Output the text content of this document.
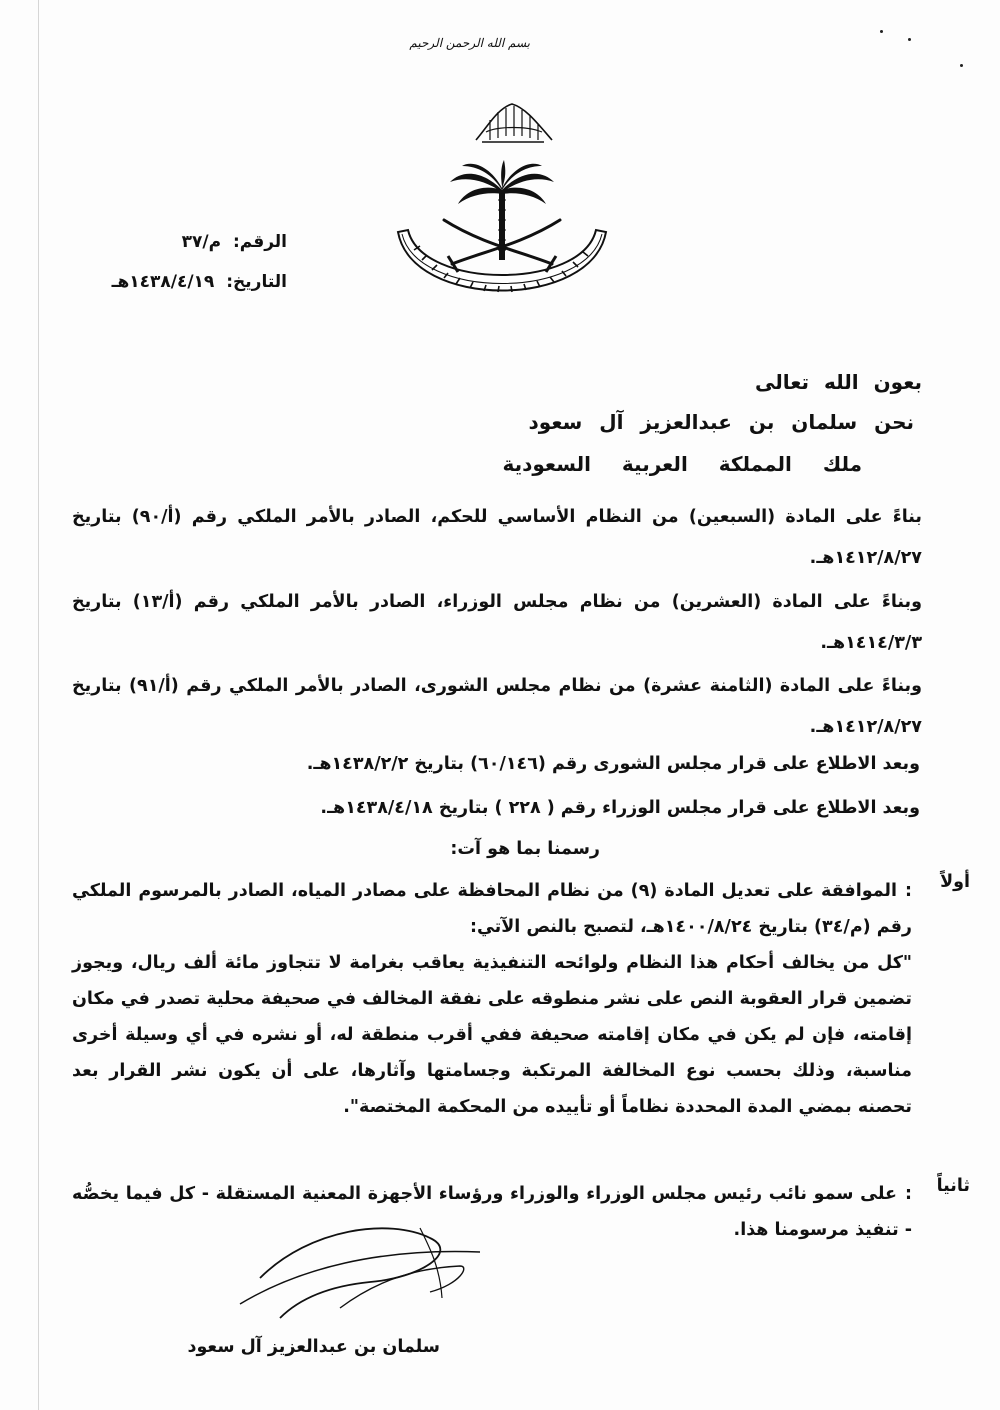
بسم الله الرحمن الرحيم
الرقم: م/٣٧
التاريخ: ١٤٣٨/٤/١٩هـ
بعون الله تعالى
نحن سلمان بن عبدالعزيز آل سعود
ملك المملكة العربية السعودية
بناءً على المادة (السبعين) من النظام الأساسي للحكم، الصادر بالأمر الملكي رقم (أ/٩٠) بتاريخ ١٤١٢/٨/٢٧هـ.
وبناءً على المادة (العشرين) من نظام مجلس الوزراء، الصادر بالأمر الملكي رقم (أ/١٣) بتاريخ ١٤١٤/٣/٣هـ.
وبناءً على المادة (الثامنة عشرة) من نظام مجلس الشورى، الصادر بالأمر الملكي رقم (أ/٩١) بتاريخ ١٤١٢/٨/٢٧هـ.
وبعد الاطلاع على قرار مجلس الشورى رقم (٦٠/١٤٦) بتاريخ ١٤٣٨/٢/٢هـ.
وبعد الاطلاع على قرار مجلس الوزراء رقم ( ٢٢٨ ) بتاريخ ١٤٣٨/٤/١٨هـ.
رسمنا بما هو آت:
أولاً
:الموافقة على تعديل المادة (٩) من نظام المحافظة على مصادر المياه، الصادر بالمرسوم الملكي رقم (م/٣٤) بتاريخ ١٤٠٠/٨/٢٤هـ، لتصبح بالنص الآتي:
"كل من يخالف أحكام هذا النظام ولوائحه التنفيذية يعاقب بغرامة لا تتجاوز مائة ألف ريال، ويجوز تضمين قرار العقوبة النص على نشر منطوقه على نفقة المخالف في صحيفة محلية تصدر في مكان إقامته، فإن لم يكن في مكان إقامته صحيفة ففي أقرب منطقة له، أو نشره في أي وسيلة أخرى مناسبة، وذلك بحسب نوع المخالفة المرتكبة وجسامتها وآثارها، على أن يكون نشر القرار بعد تحصنه بمضي المدة المحددة نظاماً أو تأييده من المحكمة المختصة".
ثانياً
:على سمو نائب رئيس مجلس الوزراء والوزراء ورؤساء الأجهزة المعنية المستقلة - كل فيما يخصُّه - تنفيذ مرسومنا هذا.
سلمان بن عبدالعزيز آل سعود
